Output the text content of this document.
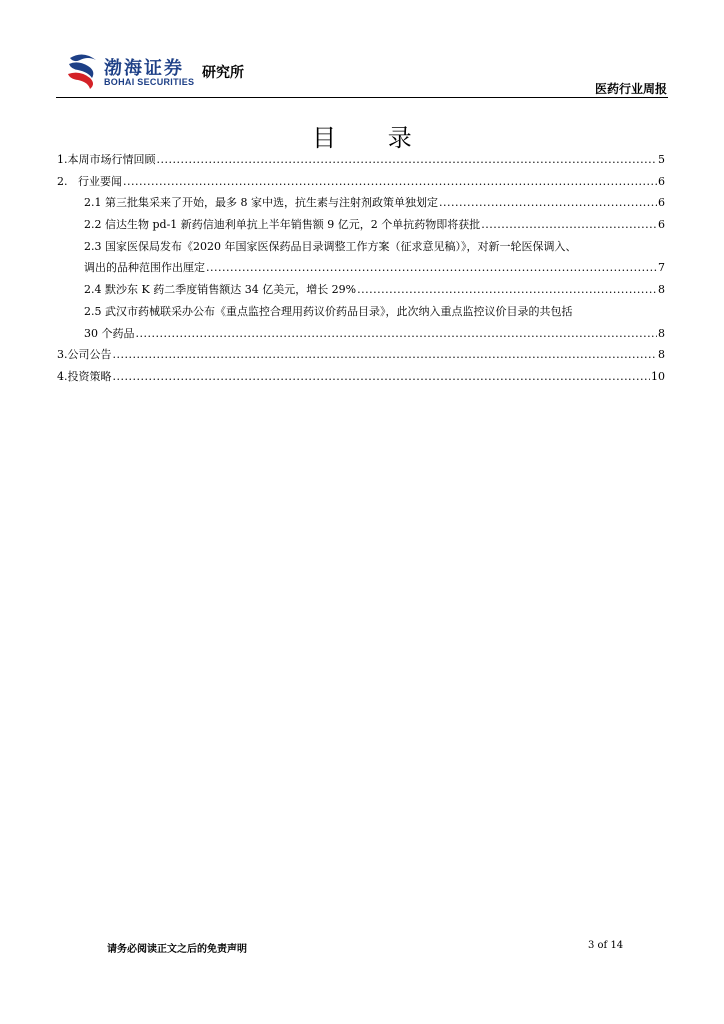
渤海证券
BOHAI SECURITIES
研究所
医药行业周报
目 录
1.本周市场行情回顾 .....	5
2.   行业要闻 .....	6
2.1 第三批集采来了开始，最多 8 家中选，抗生素与注射剂政策单独划定 .....	6
2.2 信达生物 pd-1 新药信迪利单抗上半年销售额 9 亿元，2 个单抗药物即将获批 .....	6
2.3 国家医保局发布《2020 年国家医保药品目录调整工作方案（征求意见稿）》，对新一轮医保调入、
调出的品种范围作出厘定 .....	7
2.4 默沙东 K 药二季度销售额达 34 亿美元，增长 29% .....	8
2.5 武汉市药械联采办公布《重点监控合理用药议价药品目录》，此次纳入重点监控议价目录的共包括
30 个药品 .....	8
3.公司公告 .....	8
4.投资策略 .....	10
请务必阅读正文之后的免责声明	3 of 14
